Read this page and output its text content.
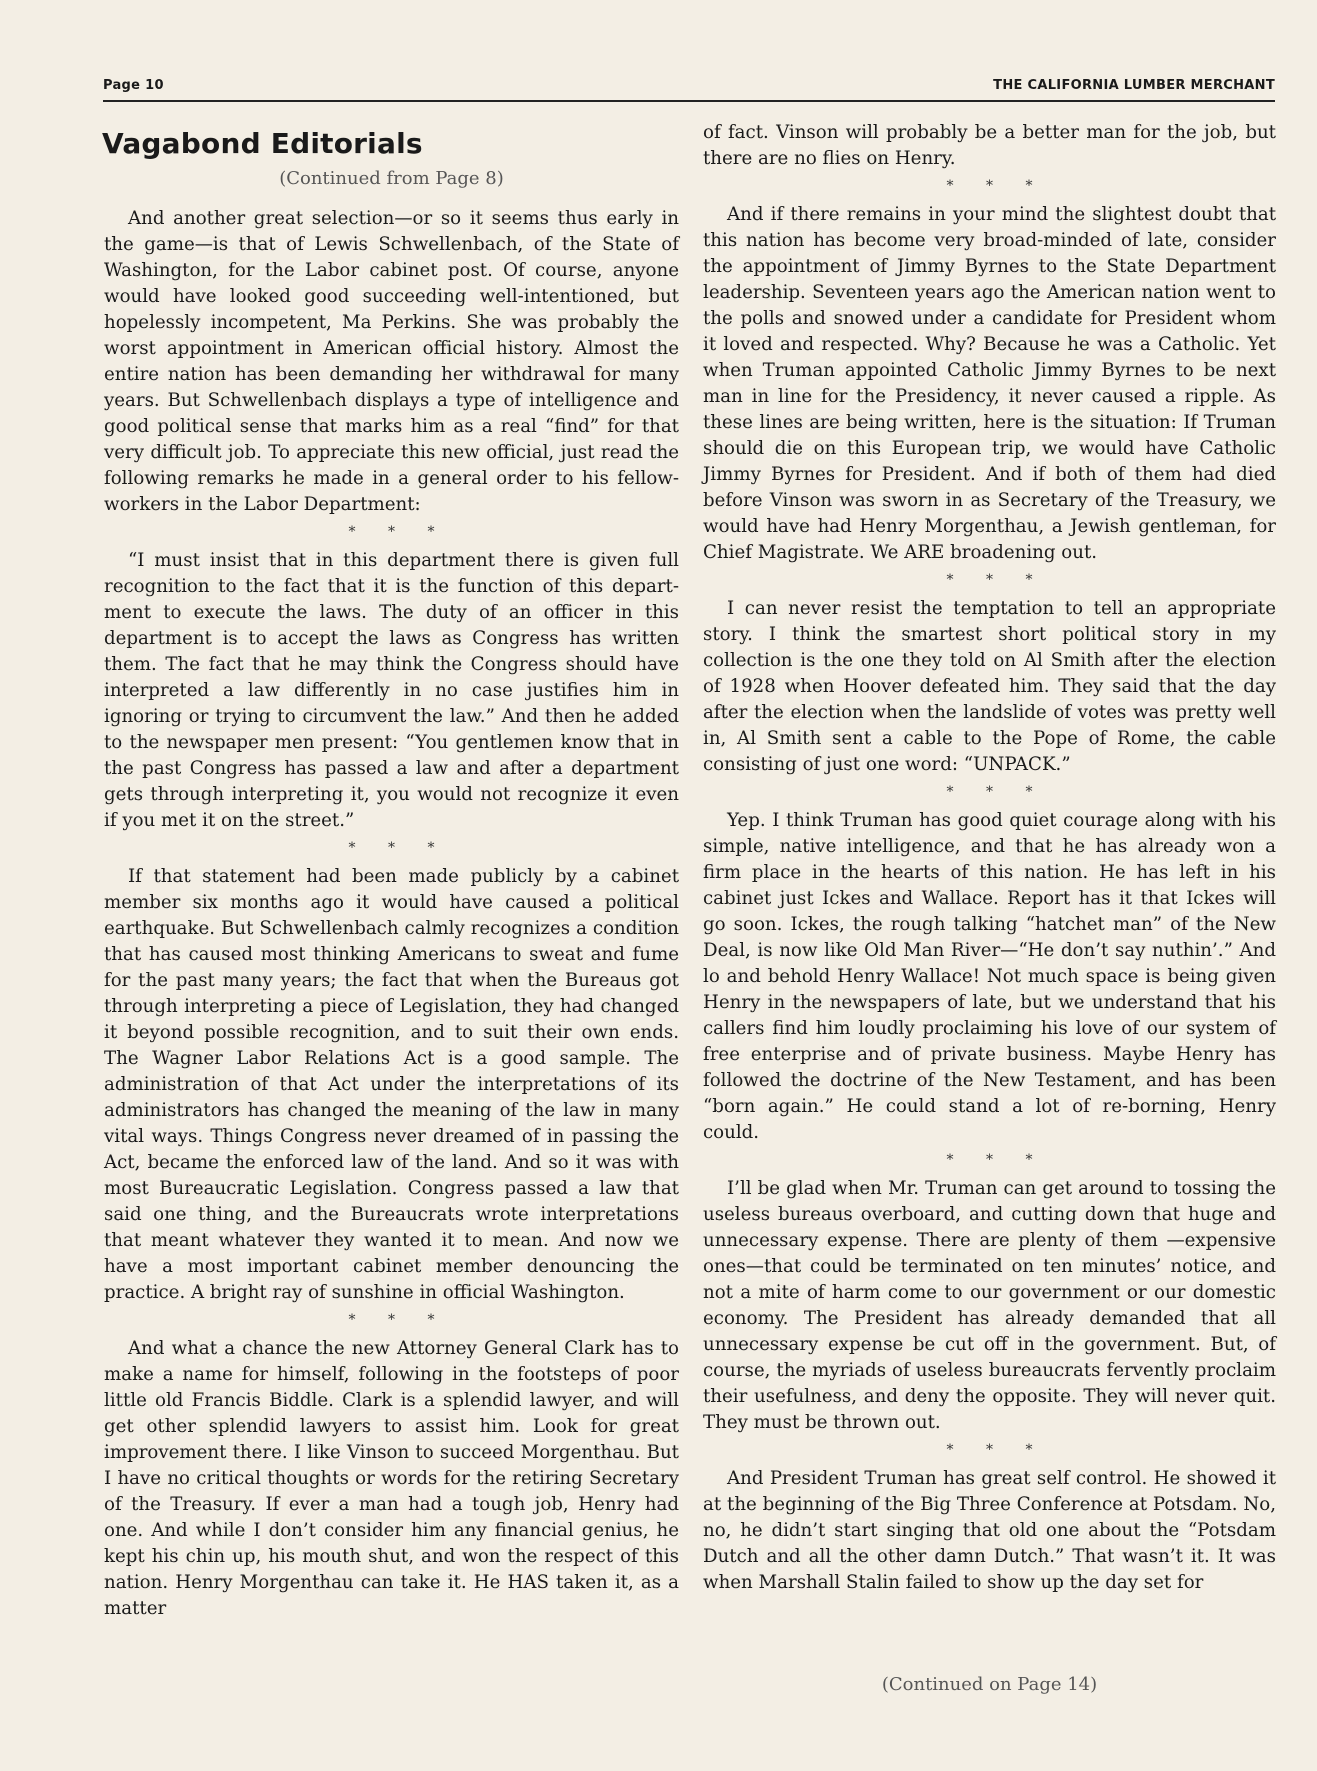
Page 10	THE CALIFORNIA LUMBER MERCHANT
Vagabond Editorials
(Continued from Page 8)

And another great selection—or so it seems thus early in the game—is that of Lewis Schwellenbach, of the State of Washington, for the Labor cabinet post. Of course, anyone would have looked good succeeding well-intentioned, but hopelessly incompetent, Ma Perkins. She was probably the worst appointment in American official history. Almost the entire nation has been demanding her withdrawal for many years. But Schwellenbach displays a type of intelligence and good political sense that marks him as a real “find” for that very difficult job. To appreciate this new official, just read the following remarks he made in a general order to his fellow-workers in the Labor Department:

* * *

“I must insist that in this department there is given full recognition to the fact that it is the function of this department to execute the laws. The duty of an officer in this department is to accept the laws as Congress has written them. The fact that he may think the Congress should have interpreted a law differently in no case justifies him in ignoring or trying to circumvent the law.” And then he added to the newspaper men present: “You gentlemen know that in the past Congress has passed a law and after a department gets through interpreting it, you would not recognize it even if you met it on the street.”

* * *

If that statement had been made publicly by a cabinet member six months ago it would have caused a political earthquake. But Schwellenbach calmly recognizes a condition that has caused most thinking Americans to sweat and fume for the past many years; the fact that when the Bureaus got through interpreting a piece of Legislation, they had changed it beyond possible recognition, and to suit their own ends. The Wagner Labor Relations Act is a good sample. The administration of that Act under the interpretations of its administrators has changed the meaning of the law in many vital ways. Things Congress never dreamed of in passing the Act, became the enforced law of the land. And so it was with most Bureaucratic Legislation. Congress passed a law that said one thing, and the Bureaucrats wrote interpretations that meant whatever they wanted it to mean. And now we have a most important cabinet member denouncing the practice. A bright ray of sunshine in official Washington.

* * *

And what a chance the new Attorney General Clark has to make a name for himself, following in the footsteps of poor little old Francis Biddle. Clark is a splendid lawyer, and will get other splendid lawyers to assist him. Look for great improvement there. I like Vinson to succeed Morgenthau. But I have no critical thoughts or words for the retiring Secretary of the Treasury. If ever a man had a tough job, Henry had one. And while I don’t consider him any financial genius, he kept his chin up, his mouth shut, and won the respect of this nation. Henry Morgenthau can take it. He HAS taken it, as a matter

of fact. Vinson will probably be a better man for the job, but there are no flies on Henry.

* * *

And if there remains in your mind the slightest doubt that this nation has become very broad-minded of late, consider the appointment of Jimmy Byrnes to the State Department leadership. Seventeen years ago the American nation went to the polls and snowed under a candidate for President whom it loved and respected. Why? Because he was a Catholic. Yet when Truman appointed Catholic Jimmy Byrnes to be next man in line for the Presidency, it never caused a ripple. As these lines are being written, here is the situation: If Truman should die on this European trip, we would have Catholic Jimmy Byrnes for President. And if both of them had died before Vinson was sworn in as Secretary of the Treasury, we would have had Henry Morgenthau, a Jewish gentleman, for Chief Magistrate. We ARE broadening out.

* * *

I can never resist the temptation to tell an appropriate story. I think the smartest short political story in my collection is the one they told on Al Smith after the election of 1928 when Hoover defeated him. They said that the day after the election when the landslide of votes was pretty well in, Al Smith sent a cable to the Pope of Rome, the cable consisting of just one word: “UNPACK.”

* * *

Yep. I think Truman has good quiet courage along with his simple, native intelligence, and that he has already won a firm place in the hearts of this nation. He has left in his cabinet just Ickes and Wallace. Report has it that Ickes will go soon. Ickes, the rough talking “hatchet man” of the New Deal, is now like Old Man River—“He don’t say nuthin’.” And lo and behold Henry Wallace! Not much space is being given Henry in the newspapers of late, but we understand that his callers find him loudly proclaiming his love of our system of free enterprise and of private business. Maybe Henry has followed the doctrine of the New Testament, and has been “born again.” He could stand a lot of re-borning, Henry could.

* * *

I’ll be glad when Mr. Truman can get around to tossing the useless bureaus overboard, and cutting down that huge and unnecessary expense. There are plenty of them —expensive ones—that could be terminated on ten minutes’ notice, and not a mite of harm come to our government or our domestic economy. The President has already demanded that all unnecessary expense be cut off in the government. But, of course, the myriads of useless bureaucrats fervently proclaim their usefulness, and deny the opposite. They will never quit. They must be thrown out.

* * *

And President Truman has great self control. He showed it at the beginning of the Big Three Conference at Potsdam. No, no, he didn’t start singing that old one about the “Potsdam Dutch and all the other damn Dutch.” That wasn’t it. It was when Marshall Stalin failed to show up the day set for

(Continued on Page 14)
